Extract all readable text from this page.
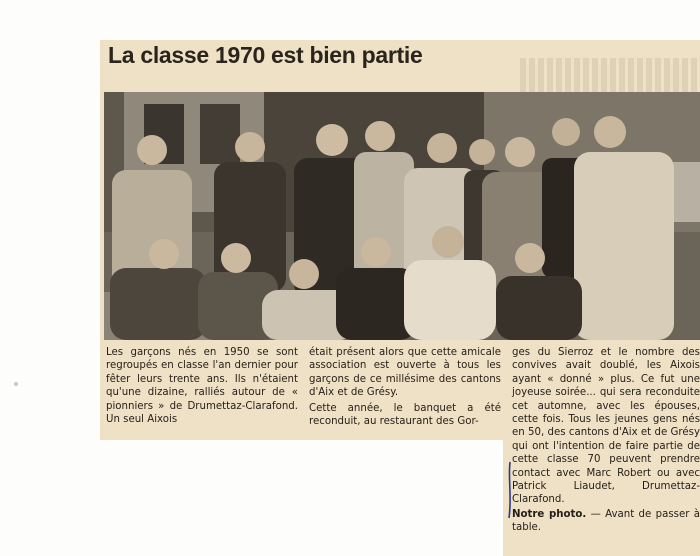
La classe 1970 est bien partie
Les garçons nés en 1950 se sont regroupés en classe l'an dernier pour fêter leurs trente ans. Ils n'étaient qu'une dizaine, ralliés autour de « pionniers » de Drumettaz-Clarafond. Un seul Aixois

était présent alors que cette amicale association est ouverte à tous les garçons de ce millésime des cantons d'Aix et de Grésy.

Cette année, le banquet a été reconduit, au restaurant des Gor-

ges du Sierroz et le nombre des convives avait doublé, les Aixois ayant « donné » plus. Ce fut une joyeuse soirée... qui sera reconduite cet automne, avec les épouses, cette fois. Tous les jeunes gens nés en 50, des cantons d'Aix et de Grésy qui ont l'intention de faire partie de cette classe 70 peuvent prendre contact avec Marc Robert ou avec Patrick Liaudet, Drumettaz-Clarafond.

Notre photo. — Avant de passer à table.
